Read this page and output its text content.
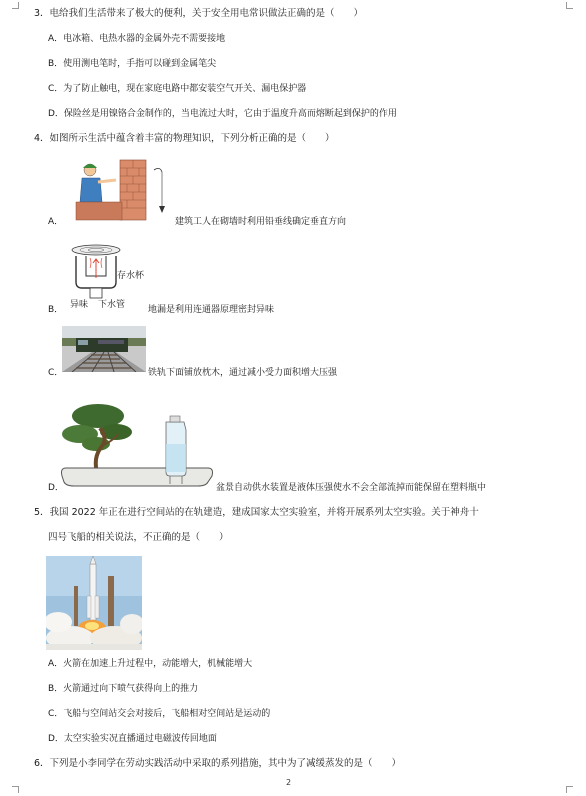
3．电给我们生活带来了极大的便利，关于安全用电常识做法正确的是（　　）
A．电冰箱、电热水器的金属外壳不需要接地
B．使用测电笔时，手指可以碰到金属笔尖
C．为了防止触电，现在家庭电路中都安装空气开关、漏电保护器
D．保险丝是用镍铬合金制作的，当电流过大时，它由于温度升高而熔断起到保护的作用
4．如图所示生活中蕴含着丰富的物理知识，下列分析正确的是（　　）
A．	建筑工人在砌墙时利用铅垂线确定垂直方向
存水杯
异味 下水管
B．	地漏是利用连通器原理密封异味
C．	铁轨下面铺放枕木，通过减小受力面积增大压强
D．	盆景自动供水装置是液体压强使水不会全部流掉而能保留在塑料瓶中
5．我国 2022 年正在进行空间站的在轨建造，建成国家太空实验室，并将开展系列太空实验。关于神舟十
四号飞船的相关说法，不正确的是（　　）
A．火箭在加速上升过程中，动能增大，机械能增大
B．火箭通过向下喷气获得向上的推力
C．飞船与空间站交会对接后，飞船相对空间站是运动的
D．太空实验实况直播通过电磁波传回地面
6．下列是小李同学在劳动实践活动中采取的系列措施，其中为了减缓蒸发的是（　　）
2
